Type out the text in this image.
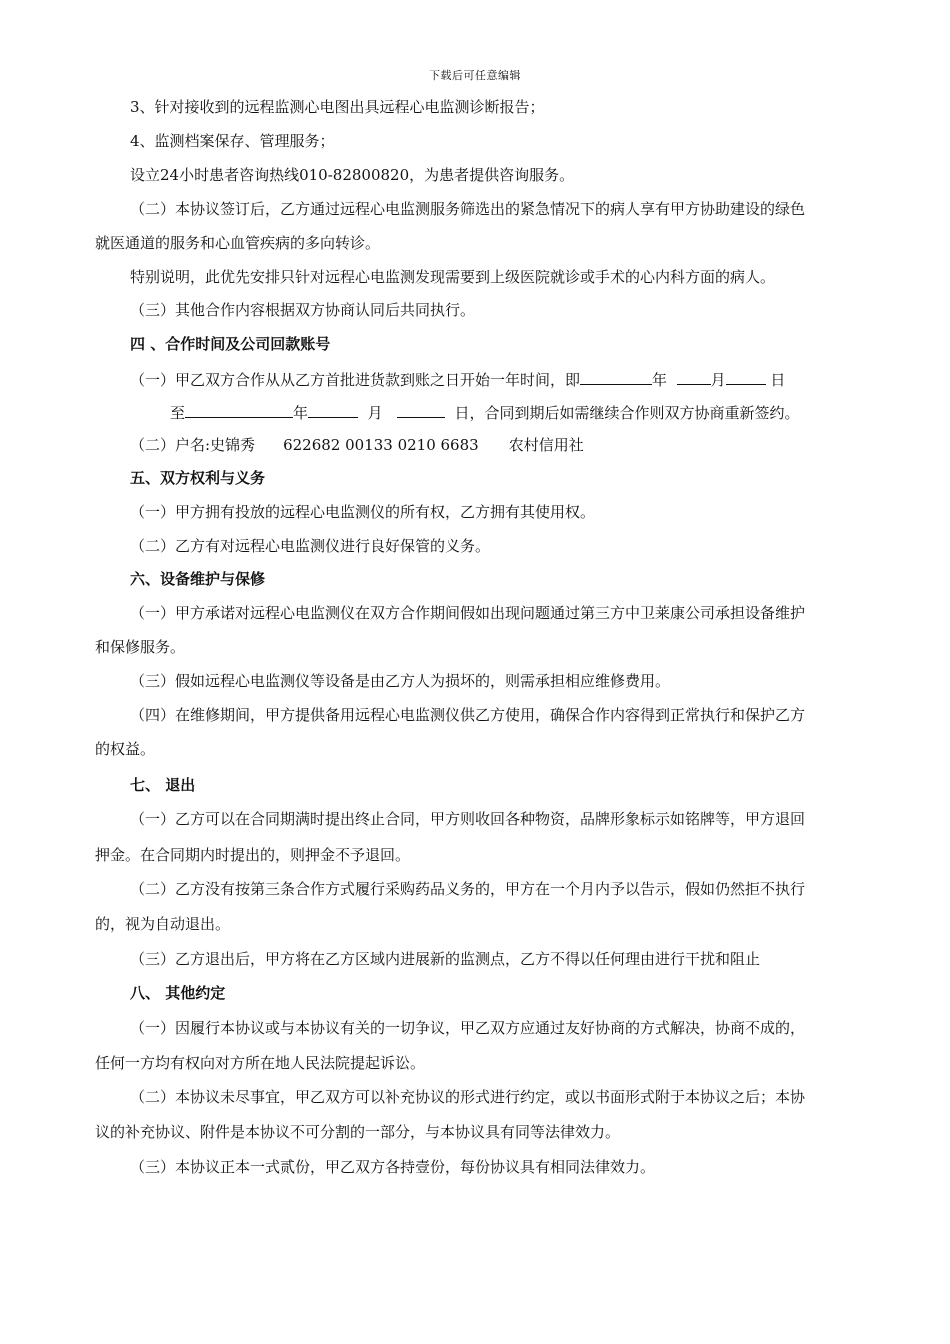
下载后可任意编辑
3、针对接收到的远程监测心电图出具远程心电监测诊断报告；
4、监测档案保存、管理服务；
设立24小时患者咨询热线010-82800820，为患者提供咨询服务。
（二）本协议签订后，乙方通过远程心电监测服务筛选出的紧急情况下的病人享有甲方协助建设的绿色
就医通道的服务和心血管疾病的多向转诊。
特别说明，此优先安排只针对远程心电监测发现需要到上级医院就诊或手术的心内科方面的病人。
（三）其他合作内容根据双方协商认同后共同执行。
四 、合作时间及公司回款账号
（一）甲乙双方合作从从乙方首批进货款到账之日开始一年时间，即	年	月	日
至	年	月	日，合同到期后如需继续合作则双方协商重新签约。
（二）户名:史锦秀 622682 00133 0210 6683 农村信用社
五、双方权利与义务
（一）甲方拥有投放的远程心电监测仪的所有权，乙方拥有其使用权。
（二）乙方有对远程心电监测仪进行良好保管的义务。
六、设备维护与保修
（一）甲方承诺对远程心电监测仪在双方合作期间假如出现问题通过第三方中卫莱康公司承担设备维护
和保修服务。
（三）假如远程心电监测仪等设备是由乙方人为损坏的，则需承担相应维修费用。
（四）在维修期间，甲方提供备用远程心电监测仪供乙方使用，确保合作内容得到正常执行和保护乙方
的权益。
七、 退出
（一）乙方可以在合同期满时提出终止合同，甲方则收回各种物资，品牌形象标示如铭牌等，甲方退回
押金。在合同期内时提出的，则押金不予退回。
（二）乙方没有按第三条合作方式履行采购药品义务的，甲方在一个月内予以告示，假如仍然拒不执行
的，视为自动退出。
（三）乙方退出后，甲方将在乙方区域内进展新的监测点，乙方不得以任何理由进行干扰和阻止
八、 其他约定
（一）因履行本协议或与本协议有关的一切争议，甲乙双方应通过友好协商的方式解决，协商不成的，
任何一方均有权向对方所在地人民法院提起诉讼。
（二）本协议未尽事宜，甲乙双方可以补充协议的形式进行约定，或以书面形式附于本协议之后；本协
议的补充协议、附件是本协议不可分割的一部分，与本协议具有同等法律效力。
（三）本协议正本一式贰份，甲乙双方各持壹份，每份协议具有相同法律效力。
